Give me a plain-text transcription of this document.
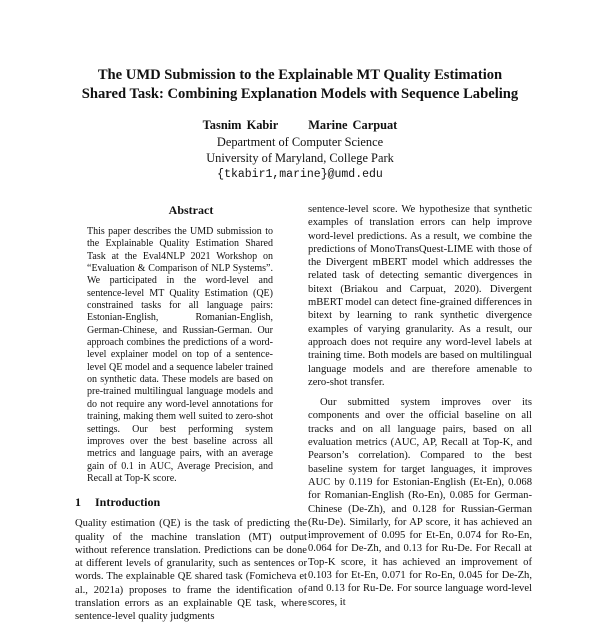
The UMD Submission to the Explainable MT Quality Estimation
Shared Task: Combining Explanation Models with Sequence Labeling
Tasnim Kabir Marine Carpuat
Department of Computer Science
University of Maryland, College Park
{tkabir1,marine}@umd.edu
Abstract

This paper describes the UMD submission to the Explainable Quality Estimation Shared Task at the Eval4NLP 2021 Workshop on “Evaluation & Comparison of NLP Systems”. We participated in the word-level and sentence-level MT Quality Estimation (QE) constrained tasks for all language pairs: Estonian-English, Romanian-English, German-Chinese, and Russian-German. Our approach combines the predictions of a word-level explainer model on top of a sentence-level QE model and a sequence labeler trained on synthetic data. These models are based on pre-trained multilingual language models and do not require any word-level annotations for training, making them well suited to zero-shot settings. Our best performing system improves over the best baseline across all metrics and language pairs, with an average gain of 0.1 in AUC, Average Precision, and Recall at Top-K score.

1 Introduction

Quality estimation (QE) is the task of predicting the quality of the machine translation (MT) output without reference translation. Predictions can be done at different levels of granularity, such as sentences or words. The explainable QE shared task (Fomicheva et al., 2021a) proposes to frame the identification of translation errors as an explainable QE task, where sentence-level quality judgments

sentence-level score. We hypothesize that synthetic examples of translation errors can help improve word-level predictions. As a result, we combine the predictions of MonoTransQuest-LIME with those of the Divergent mBERT model which addresses the related task of detecting semantic divergences in bitext (Briakou and Carpuat, 2020). Divergent mBERT model can detect fine-grained differences in bitext by learning to rank synthetic divergence examples of varying granularity. As a result, our approach does not require any word-level labels at training time. Both models are based on multilingual language models and are therefore amenable to zero-shot transfer.

Our submitted system improves over its components and over the official baseline on all tracks and on all language pairs, based on all evaluation metrics (AUC, AP, Recall at Top-K, and Pearson’s correlation). Compared to the best baseline system for target languages, it improves AUC by 0.119 for Estonian-English (Et-En), 0.068 for Romanian-English (Ro-En), 0.085 for German-Chinese (De-Zh), and 0.128 for Russian-German (Ru-De). Similarly, for AP score, it has achieved an improvement of 0.095 for Et-En, 0.074 for Ro-En, 0.064 for De-Zh, and 0.13 for Ru-De. For Recall at Top-K score, it has achieved an improvement of 0.103 for Et-En, 0.071 for Ro-En, 0.045 for De-Zh, and 0.13 for Ru-De. For source language word-level scores, it
